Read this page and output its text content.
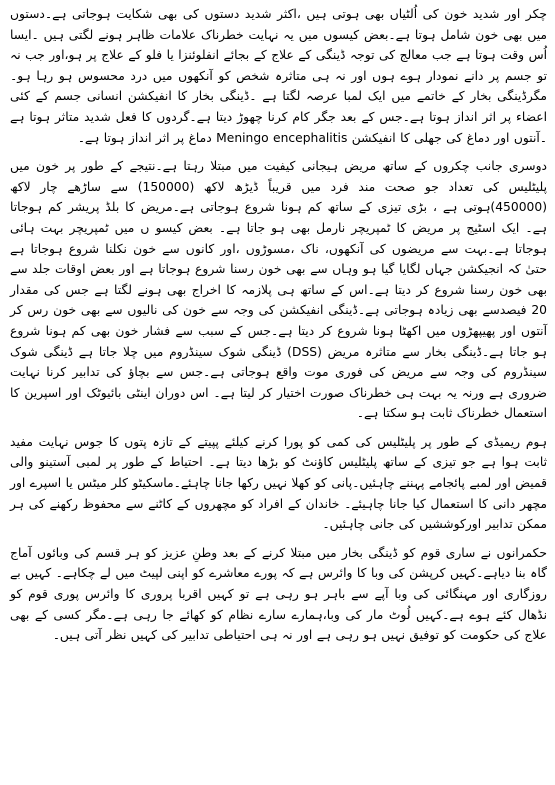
چکر اور شدید خون کی اُلٹیاں بھی ہوتی ہیں ،اکثر شدید دستوں کی بھی شکایت ہوجاتی ہے۔دستوں میں بھی خون شامل ہوتا ہے۔بعض کیسوں میں یہ نہایت خطرناک علامات ظاہر ہونے لگتی ہیں ۔ایسا اُس وقت ہوتا ہے جب معالج کی توجہ ڈینگی کے علاج کے بجائے انفلوئنزا یا فلو کے علاج پر ہو،اور جب نہ تو جسم پر دانے نمودار ہوے ہوں اور نہ ہی متاثرہ شخص کو آنکھوں میں درد محسوس ہو رہا ہو۔مگرڈینگی بخار کے خاتمے میں ایک لمبا عرصہ لگتا ہے ۔ڈینگی بخار کا انفیکشن انسانی جسم کے کئی اعضاء پر اثر انداز ہوتا ہے۔جس کے بعد جگر کام کرنا چھوڑ دیتا ہے۔گردوں کا فعل شدید متاثر ہوتا ہے ۔آنتوں اور دماغ کی جھلی کا انفیکشن Meningo encephalitis دماغ پر اثر انداز ہوتا ہے۔

دوسری جانب چکروں کے ساتھ مریض ہیجانی کیفیت میں مبتلا رہتا ہے۔نتیجے کے طور پر خون میں پلیٹلیس کی تعداد جو صحت مند فرد میں قریباً ڈیڑھ لاکھ (150000) سے ساڑھے چار لاکھ (450000)ہوتی ہے ، بڑی تیزی کے ساتھ کم ہونا شروع ہوجاتی ہے۔مریض کا بلڈ پریشر کم ہوجاتا ہے۔ ایک اسٹیج پر مریض کا ٹمپریچر نارمل بھی ہو جاتا ہے۔ بعض کیسو ں میں ٹمپریچر بہت ہائی ہوجاتا ہے۔بہت سے مریضوں کی آنکھوں، ناک ،مسوڑوں ،اور کانوں سے خون نکلنا شروع ہوجاتا ہے حتیٰ کہ انجیکشن جہاں لگایا گیا ہو وہاں سے بھی خون رسنا شروع ہوجاتا ہے اور بعض اوقات جلد سے بھی خون رسنا شروع کر دیتا ہے۔اس کے ساتھ ہی پلازمہ کا اخراج بھی ہونے لگتا ہے جس کی مقدار 20 فیصدسے بھی زیادہ ہوجاتی ہے۔ڈینگی انفیکشن کی وجہ سے خون کی نالیوں سے بھی خون رس کر آنتوں اور پھیپھڑوں میں اکھٹا ہونا شروع کر دیتا ہے۔جس کے سبب سے فشار خون بھی کم ہونا شروع ہو جاتا ہے۔ڈینگی بخار سے متاثرہ مریض (DSS) ڈینگی شوک سینڈروم میں چلا جاتا ہے ڈینگی شوک سینڈروم کی وجہ سے مریض کی فوری موت واقع ہوجاتی ہے۔جس سے بچاؤ کی تدابیر کرنا نہایت ضروری ہے ورنہ یہ بہت ہی خطرناک صورت اختیار کر لیتا ہے۔ اس دوران اینٹی بائیوٹک اور اسپرین کا استعمال خطرناک ثابت ہو سکتا ہے۔

ہوم ریمیڈی کے طور پر پلیٹلیس کی کمی کو پورا کرنے کیلئے پپیتے کے تازہ پتوں کا جوس نہایت مفید ثابت ہوا ہے جو تیزی کے ساتھ پلیٹلیس کاؤنٹ کو بڑھا دیتا ہے۔ احتیاط کے طور پر لمبی آستینو والی قمیض اور لمبے پائجامے پہننے چاہئیں۔پانی کو کھلا نہیں رکھا جانا چاہئے۔ماسکیٹو کلر میٹس یا اسپرے اور مچھر دانی کا استعمال کیا جانا چاہیئے۔ خاندان کے افراد کو مچھروں کے کاٹنے سے محفوظ رکھنے کی ہر ممکن تدابیر اورکوششیں کی جانی چاہئیں۔

حکمرانوں نے ساری قوم کو ڈینگی بخار میں مبتلا کرنے کے بعد وطنِ عزیز کو ہر قسم کی وبائوں آماج گاہ بنا دیاہے۔کہیں کرپشن کی وبا کا وائرس ہے کہ پورے معاشرے کو اپنی لپیٹ میں لے چکاہے۔ کہیں بے روزگاری اور مہنگائی کی وبا آپے سے باہر ہو رہی ہے تو کہیں اقربا پروری کا وائرس پوری قوم کو نڈھال کئے ہوے ہے۔کہیں لُوٹ مار کی وبا،ہمارے سارے نظام کو کھائے جا رہی ہے۔مگر کسی کے بھی علاج کی حکومت کو توفیق نہیں ہو رہی ہے اور نہ ہی احتیاطی تدابیر کی کہیں نظر آتی ہیں۔
